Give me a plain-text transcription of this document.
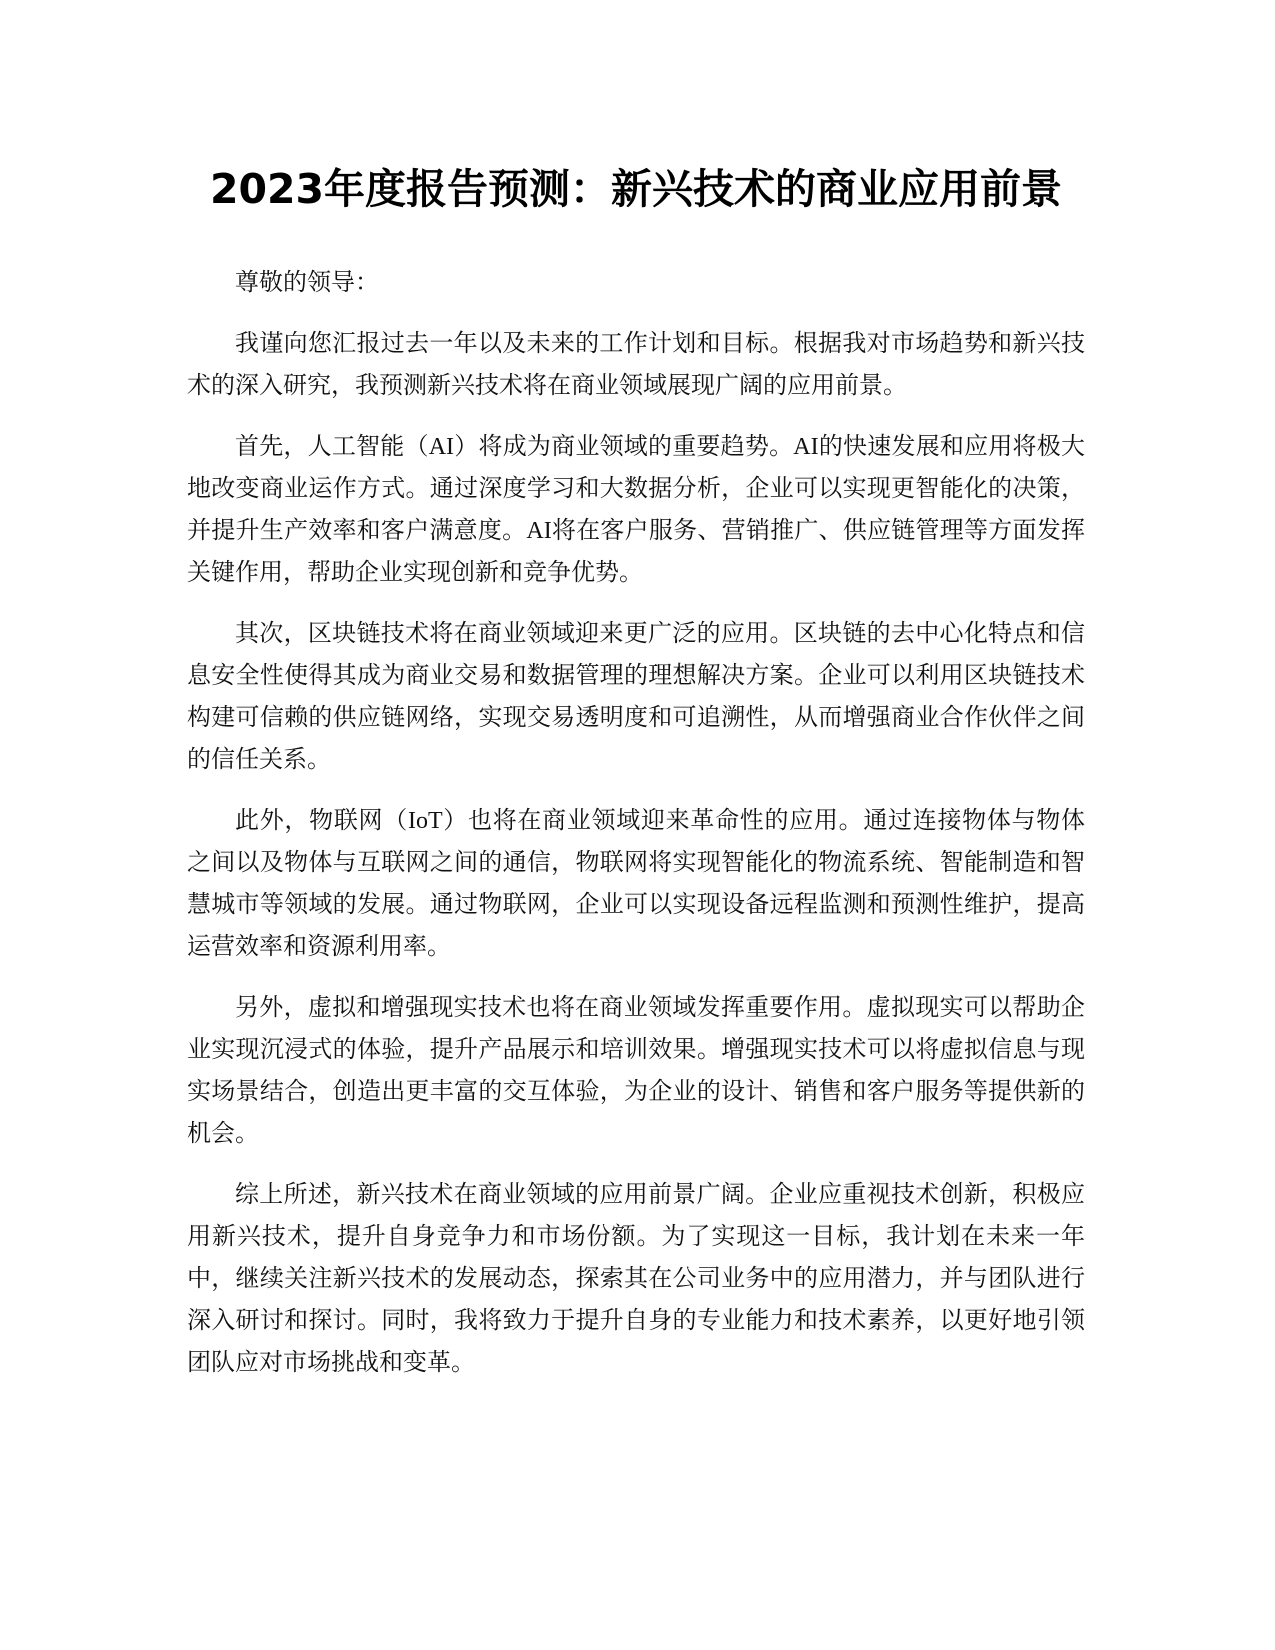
2023年度报告预测：新兴技术的商业应用前景

尊敬的领导：

我谨向您汇报过去一年以及未来的工作计划和目标。根据我对市场趋势和新兴技术的深入研究，我预测新兴技术将在商业领域展现广阔的应用前景。

首先，人工智能（AI）将成为商业领域的重要趋势。AI的快速发展和应用将极大地改变商业运作方式。通过深度学习和大数据分析，企业可以实现更智能化的决策，并提升生产效率和客户满意度。AI将在客户服务、营销推广、供应链管理等方面发挥关键作用，帮助企业实现创新和竞争优势。

其次，区块链技术将在商业领域迎来更广泛的应用。区块链的去中心化特点和信息安全性使得其成为商业交易和数据管理的理想解决方案。企业可以利用区块链技术构建可信赖的供应链网络，实现交易透明度和可追溯性，从而增强商业合作伙伴之间的信任关系。

此外，物联网（IoT）也将在商业领域迎来革命性的应用。通过连接物体与物体之间以及物体与互联网之间的通信，物联网将实现智能化的物流系统、智能制造和智慧城市等领域的发展。通过物联网，企业可以实现设备远程监测和预测性维护，提高运营效率和资源利用率。

另外，虚拟和增强现实技术也将在商业领域发挥重要作用。虚拟现实可以帮助企业实现沉浸式的体验，提升产品展示和培训效果。增强现实技术可以将虚拟信息与现实场景结合，创造出更丰富的交互体验，为企业的设计、销售和客户服务等提供新的机会。

综上所述，新兴技术在商业领域的应用前景广阔。企业应重视技术创新，积极应用新兴技术，提升自身竞争力和市场份额。为了实现这一目标，我计划在未来一年中，继续关注新兴技术的发展动态，探索其在公司业务中的应用潜力，并与团队进行深入研讨和探讨。同时，我将致力于提升自身的专业能力和技术素养，以更好地引领团队应对市场挑战和变革。
